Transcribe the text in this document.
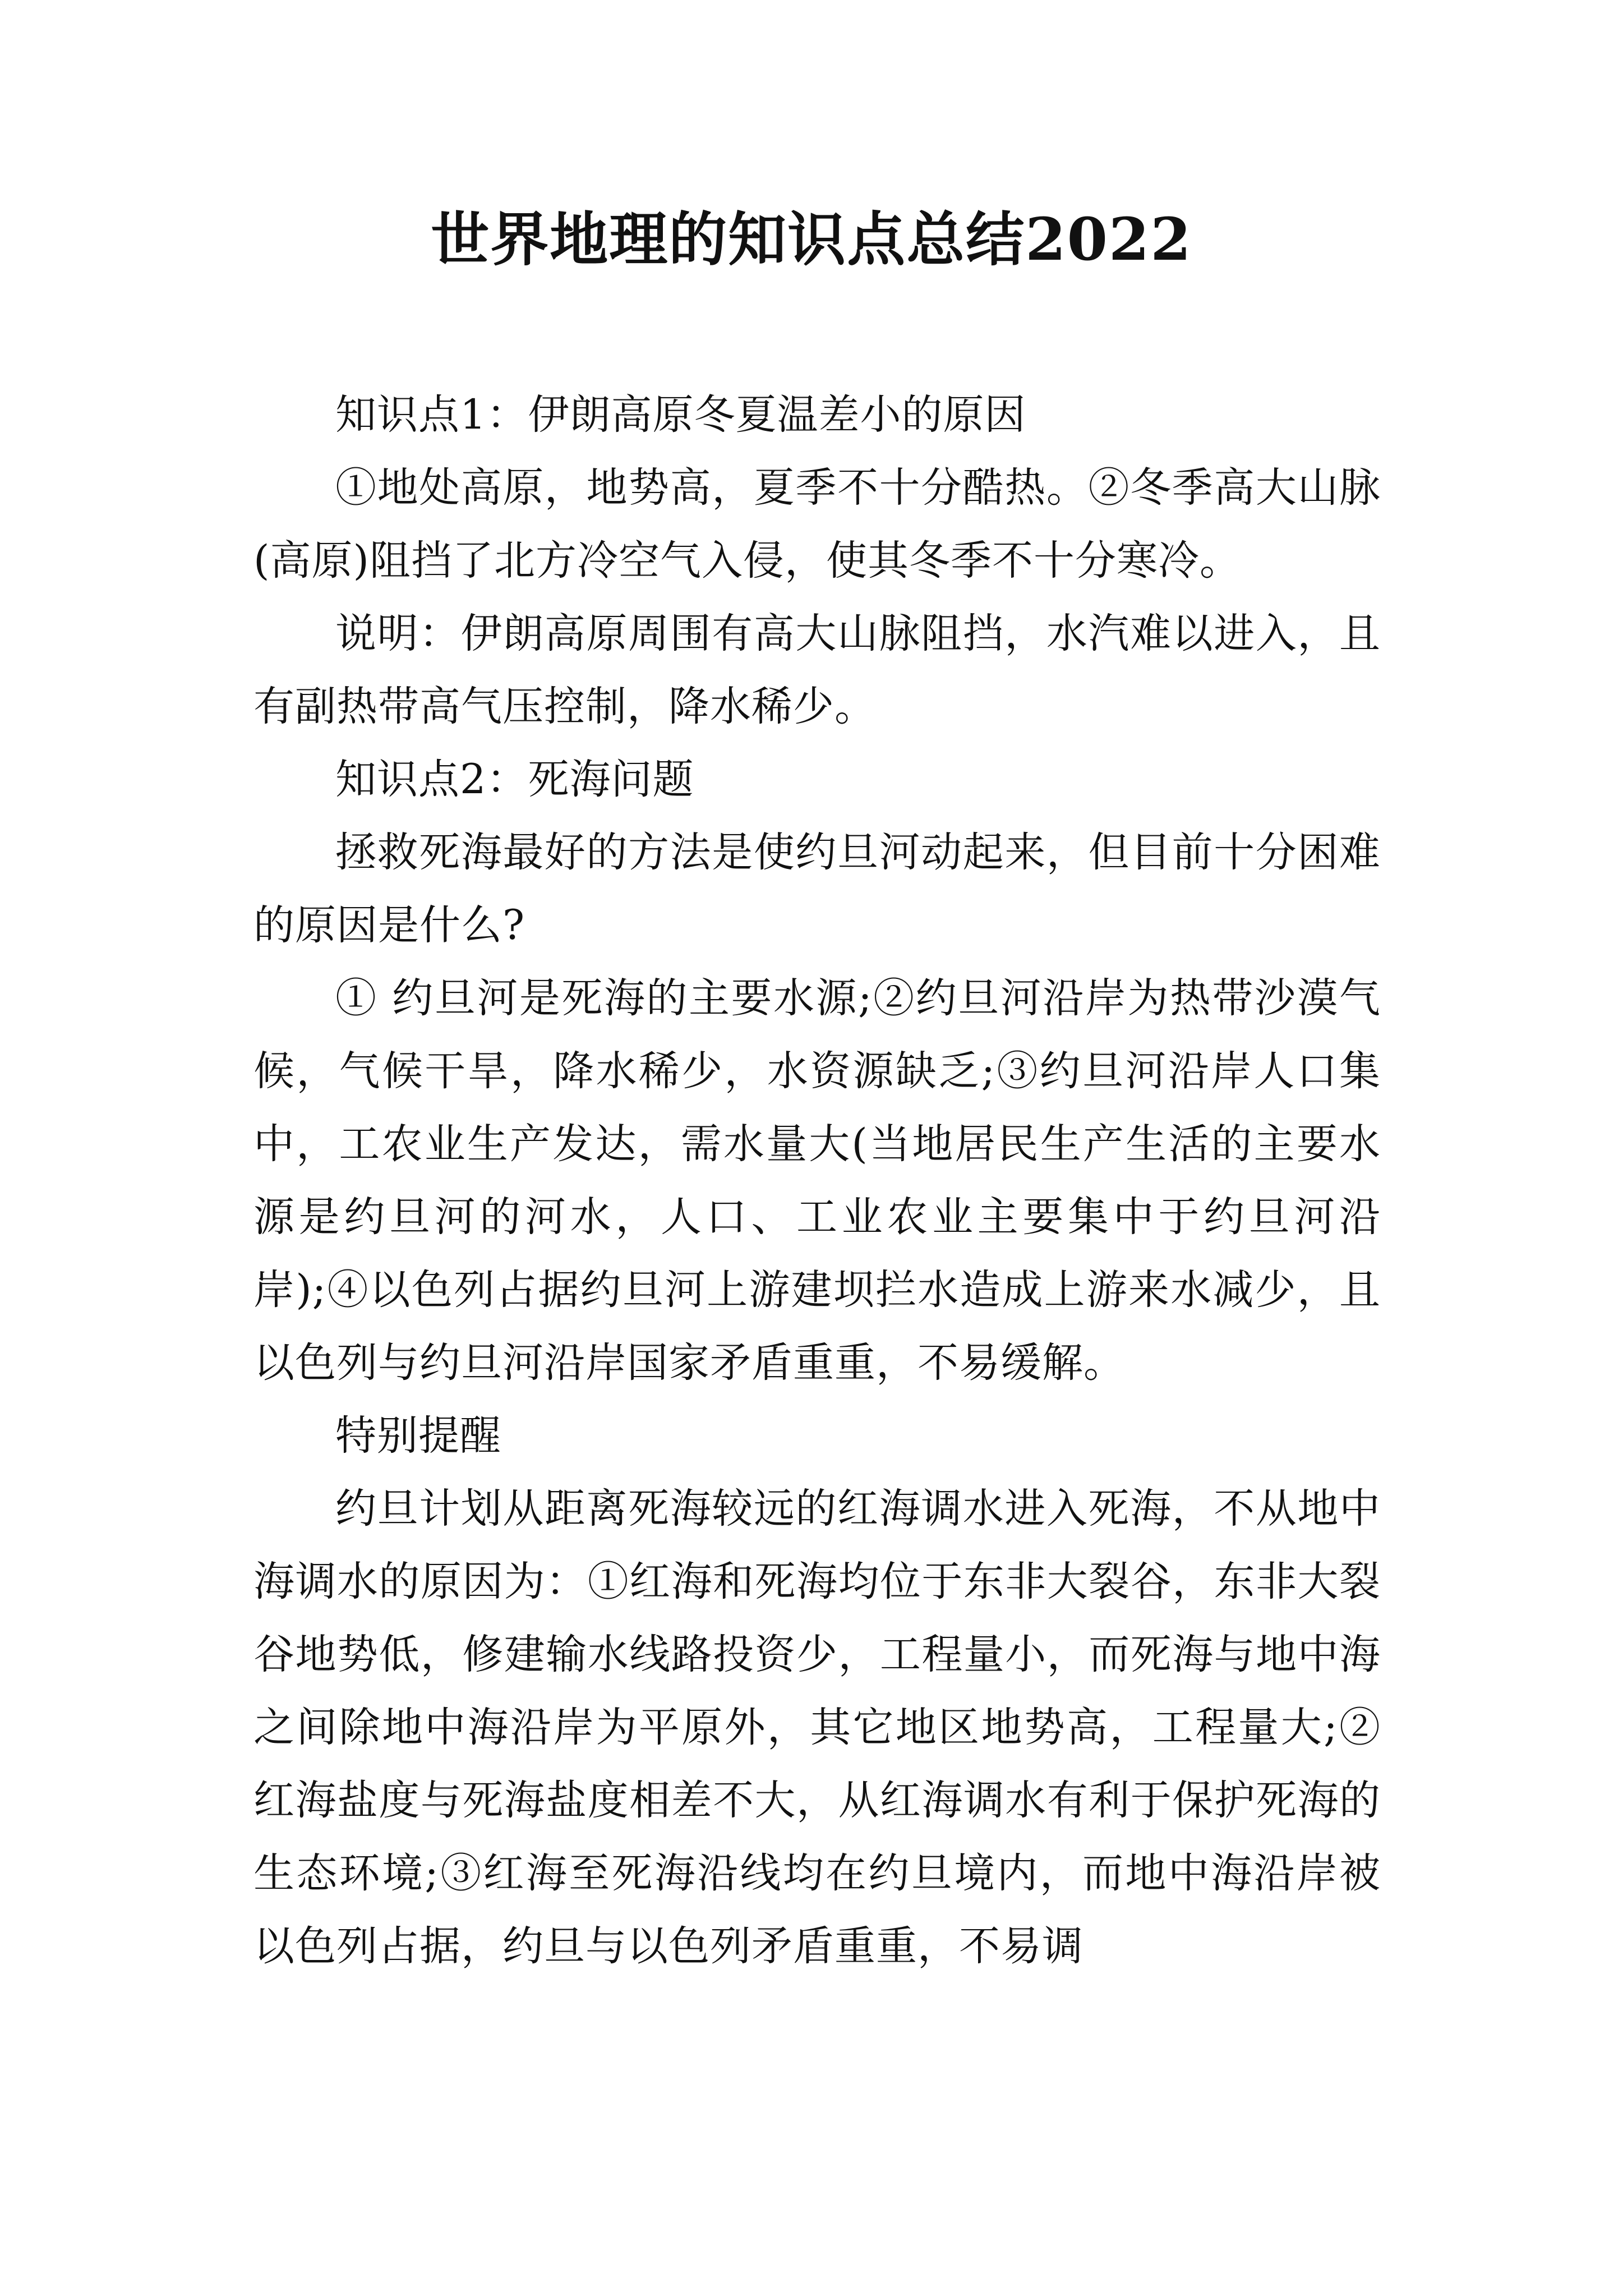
世界地理的知识点总结2022

知识点1：伊朗高原冬夏温差小的原因

①地处高原，地势高，夏季不十分酷热。②冬季高大山脉(高原)阻挡了北方冷空气入侵，使其冬季不十分寒冷。

说明：伊朗高原周围有高大山脉阻挡，水汽难以进入，且有副热带高气压控制，降水稀少。

知识点2：死海问题

拯救死海最好的方法是使约旦河动起来，但目前十分困难的原因是什么?

① 约旦河是死海的主要水源;②约旦河沿岸为热带沙漠气候，气候干旱，降水稀少，水资源缺乏;③约旦河沿岸人口集中，工农业生产发达，需水量大(当地居民生产生活的主要水源是约旦河的河水，人口、工业农业主要集中于约旦河沿岸);④以色列占据约旦河上游建坝拦水造成上游来水减少，且以色列与约旦河沿岸国家矛盾重重，不易缓解。

特别提醒

约旦计划从距离死海较远的红海调水进入死海，不从地中海调水的原因为：①红海和死海均位于东非大裂谷，东非大裂谷地势低，修建输水线路投资少，工程量小，而死海与地中海之间除地中海沿岸为平原外，其它地区地势高，工程量大;②红海盐度与死海盐度相差不大，从红海调水有利于保护死海的生态环境;③红海至死海沿线均在约旦境内，而地中海沿岸被以色列占据，约旦与以色列矛盾重重，不易调
